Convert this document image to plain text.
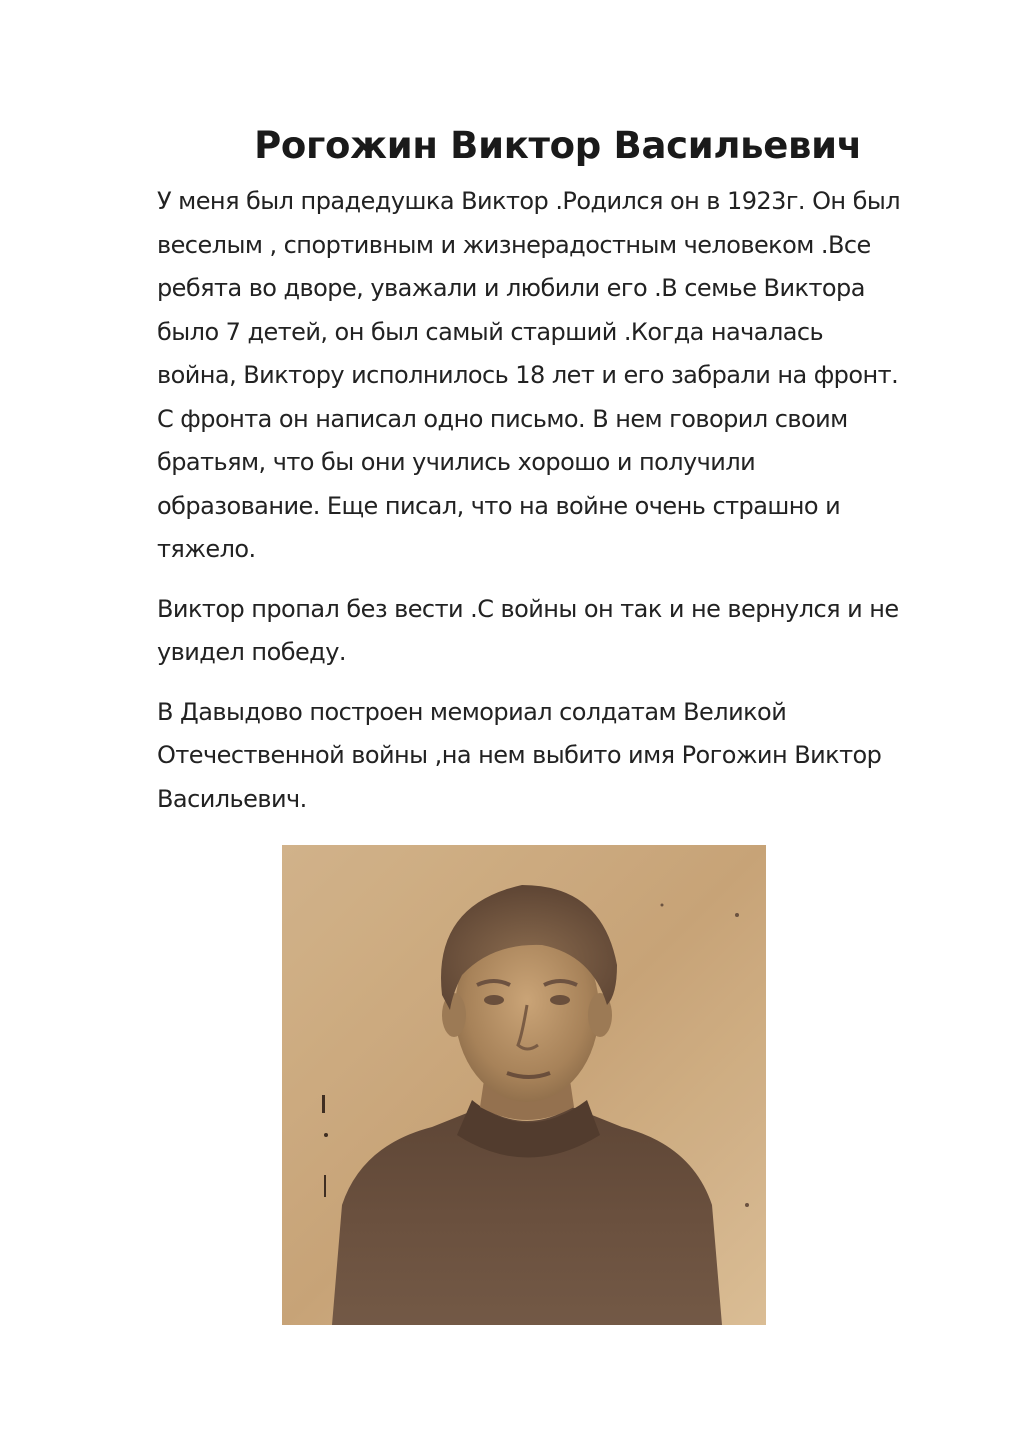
Рогожин Виктор Васильевич

У меня был прадедушка Виктор .Родился он в 1923г. Он был
веселым , спортивным и жизнерадостным человеком .Все
ребята во дворе, уважали и любили его .В семье Виктора
было 7 детей, он был самый старший .Когда началась
война, Виктору исполнилось 18 лет и его забрали на фронт.
С фронта он написал одно письмо. В нем говорил своим
братьям, что бы они учились хорошо и получили
образование. Еще писал, что на войне очень страшно и
тяжело.

Виктор пропал без вести .С войны он так и не вернулся и не
увидел победу.

В Давыдово построен мемориал солдатам Великой
Отечественной войны ,на нем выбито имя Рогожин Виктор
Васильевич.
